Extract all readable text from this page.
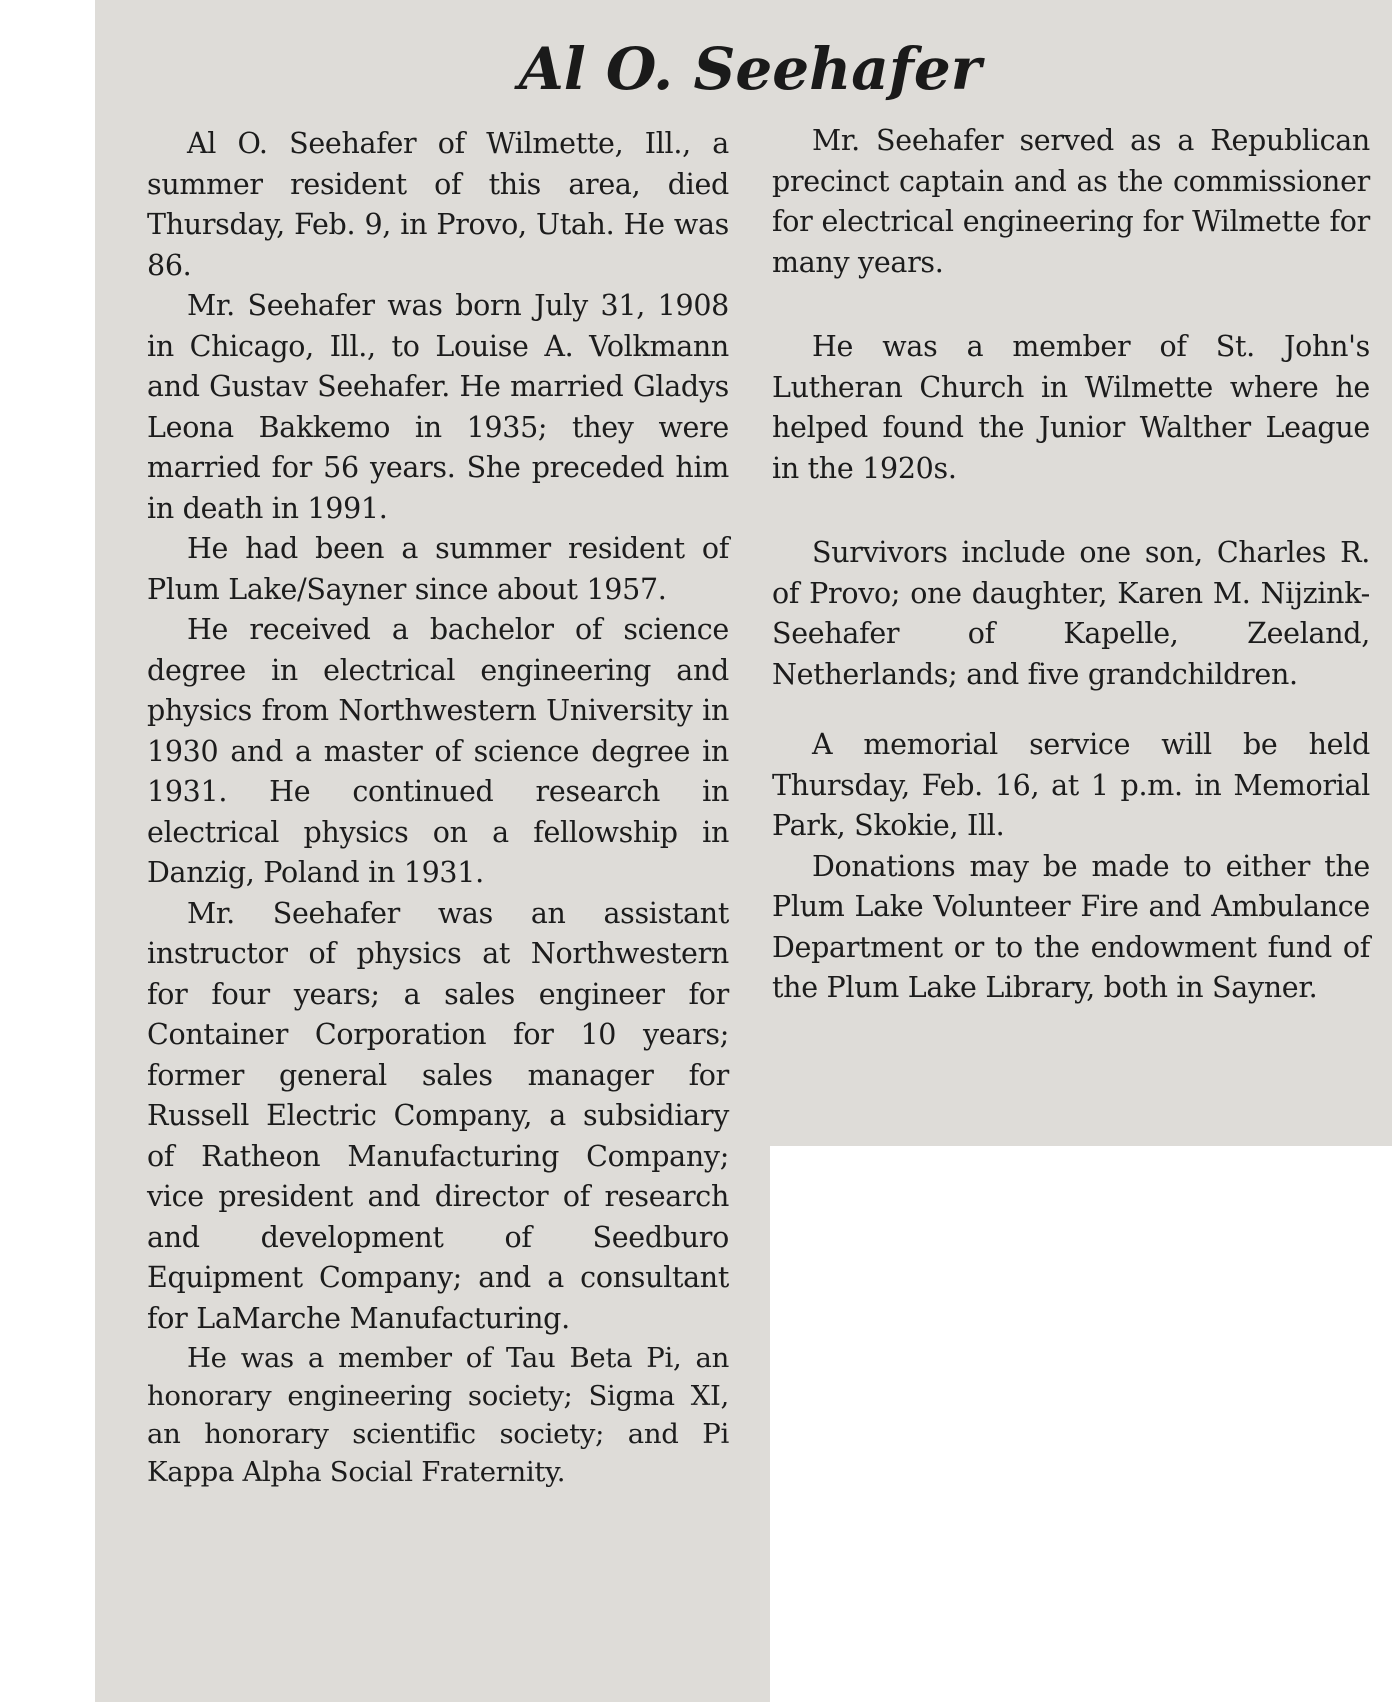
Al O. Seehafer

Al O. Seehafer of Wilmette, Ill., a summer resident of this area, died Thursday, Feb. 9, in Provo, Utah. He was 86.

Mr. Seehafer was born July 31, 1908 in Chicago, Ill., to Louise A. Volkmann and Gustav Seehafer. He married Gladys Leona Bakkemo in 1935; they were married for 56 years. She preceded him in death in 1991.

He had been a summer resident of Plum Lake/Sayner since about 1957.

He received a bachelor of science degree in electrical engineering and physics from Northwestern University in 1930 and a master of science degree in 1931. He continued research in electrical physics on a fellowship in Danzig, Poland in 1931.

Mr. Seehafer was an assistant instructor of physics at Northwestern for four years; a sales engineer for Container Corporation for 10 years; former general sales manager for Russell Electric Company, a subsidiary of Ratheon Manufacturing Company; vice president and director of research and development of Seedburo Equipment Company; and a consultant for LaMarche Manufacturing.

He was a member of Tau Beta Pi, an honorary engineering society; Sigma XI, an honorary scientific society; and Pi Kappa Alpha Social Fraternity.

Mr. Seehafer served as a Republican precinct captain and as the commissioner for electrical engineering for Wilmette for many years.

He was a member of St. John's Lutheran Church in Wilmette where he helped found the Junior Walther League in the 1920s.

Survivors include one son, Charles R. of Provo; one daughter, Karen M. Nijzink-Seehafer of Kapelle, Zeeland, Netherlands; and five grandchildren.

A memorial service will be held Thursday, Feb. 16, at 1 p.m. in Memorial Park, Skokie, Ill.

Donations may be made to either the Plum Lake Volunteer Fire and Ambulance Department or to the endowment fund of the Plum Lake Library, both in Sayner.
